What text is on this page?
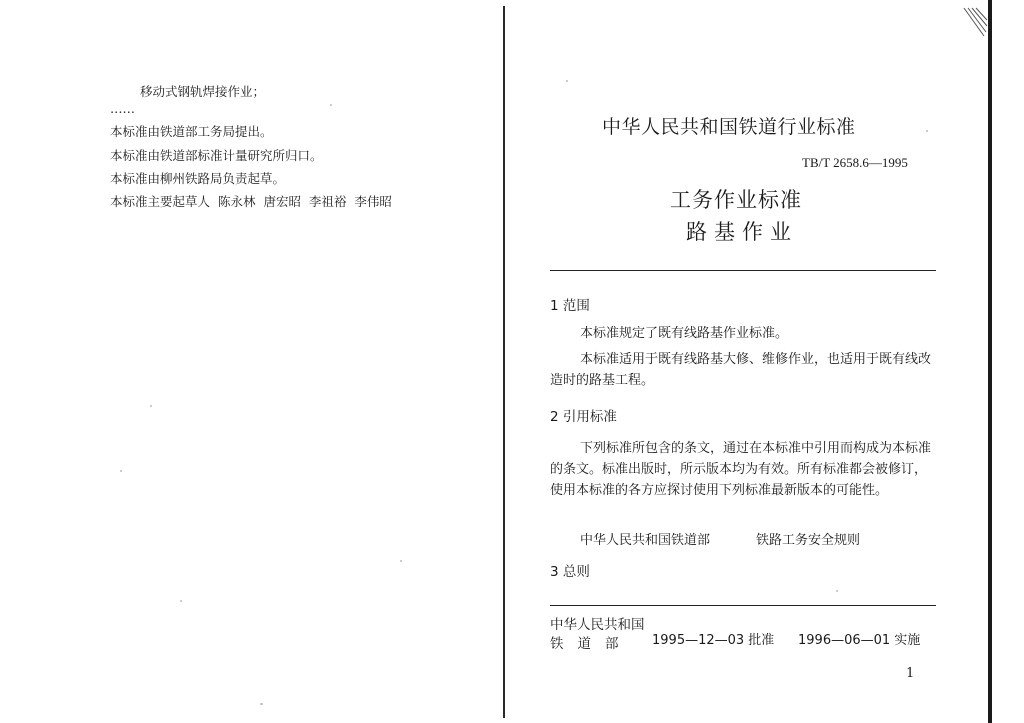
移动式钢轨焊接作业；
……
本标准由铁道部工务局提出。
本标准由铁道部标准计量研究所归口。
本标准由柳州铁路局负责起草。
本标准主要起草人 陈永林 唐宏昭 李祖裕 李伟昭
中华人民共和国铁道行业标准
TB/T 2658.6—1995
工务作业标准
路基作业
1 范围
本标准规定了既有线路基作业标准。
本标准适用于既有线路基大修、维修作业，也适用于既有线改造时的路基工程。
2 引用标准
下列标准所包含的条文，通过在本标准中引用而构成为本标准的条文。标准出版时，所示版本均为有效。所有标准都会被修订，使用本标准的各方应探讨使用下列标准最新版本的可能性。
中华人民共和国铁道部	铁路工务安全规则
3 总则
中华人民共和国
铁道部	1995—12—03 批准 1996—06—01 实施
1
